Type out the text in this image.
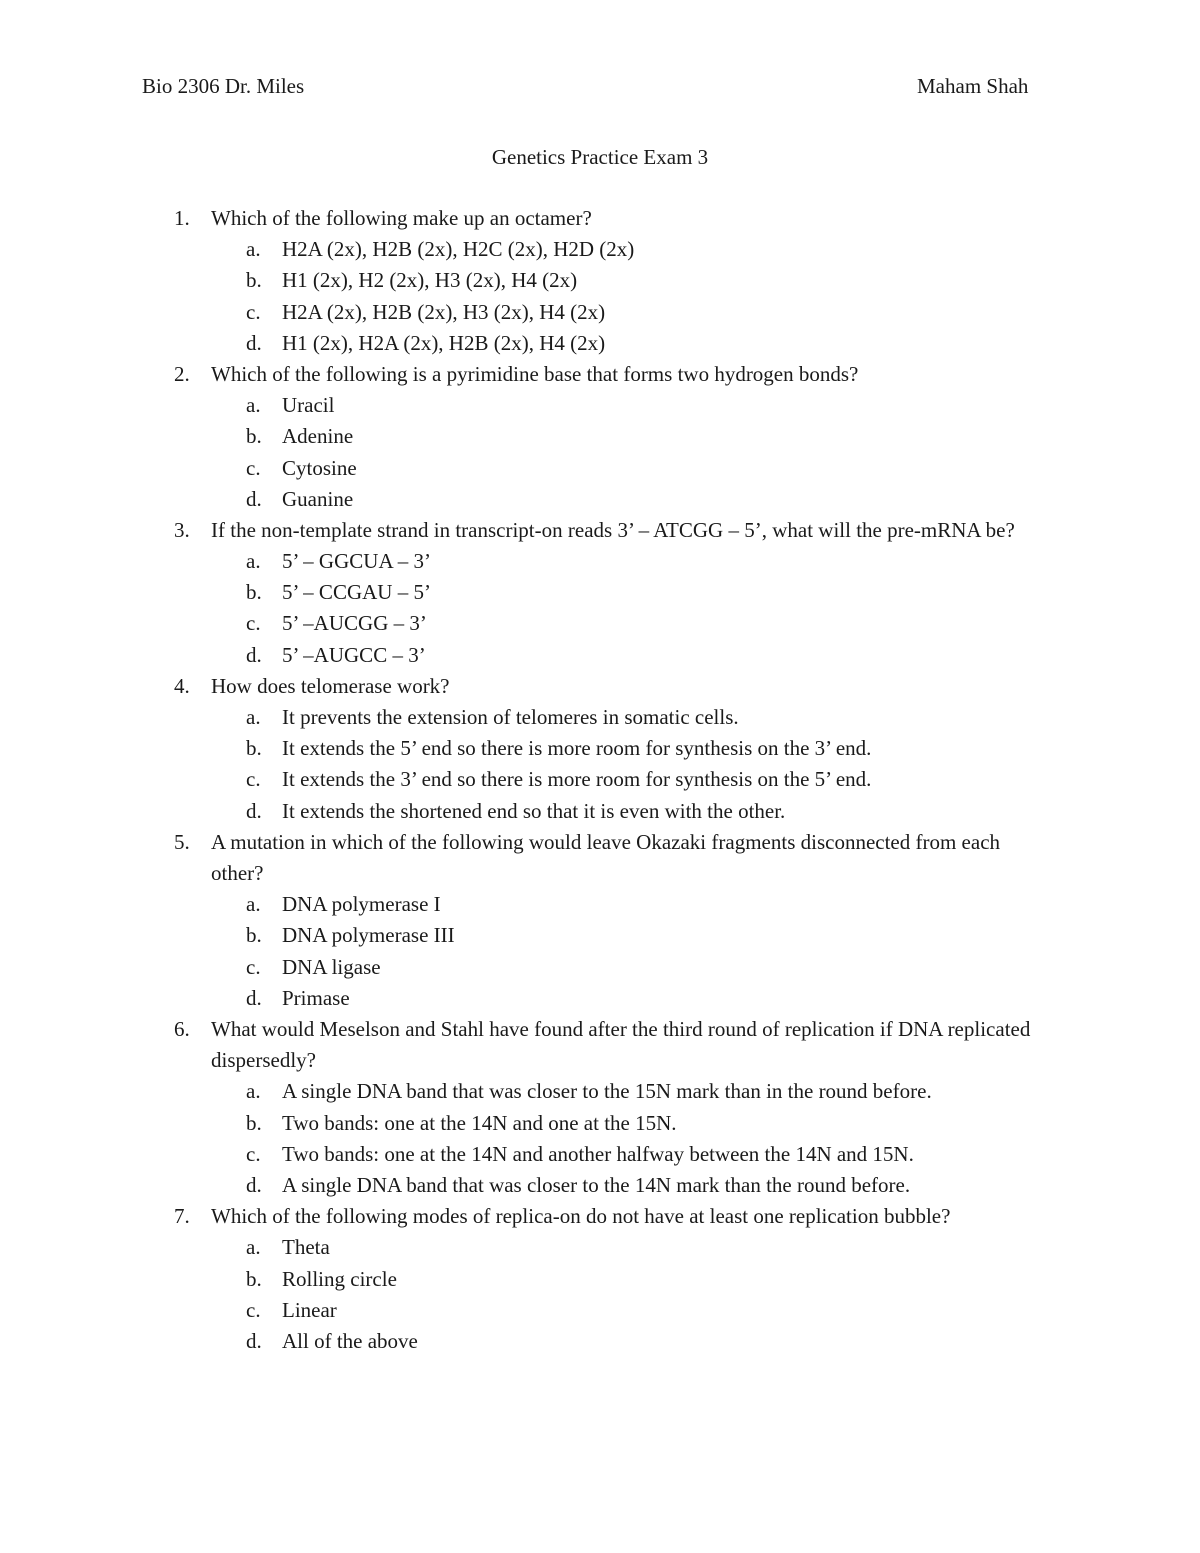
Bio 2306 Dr. Miles	Maham Shah
Genetics Practice Exam 3
1.	Which of the following make up an octamer?
a.	H2A (2x), H2B (2x), H2C (2x), H2D (2x)
b. H1 (2x), H2 (2x), H3 (2x), H4 (2x)
c.	H2A (2x), H2B (2x), H3 (2x), H4 (2x)
d. H1 (2x), H2A (2x), H2B (2x), H4 (2x)
2.	Which of the following is a pyrimidine base that forms two hydrogen bonds?
a.	Uracil
b. Adenine
c.	Cytosine
d. Guanine
3.	If the non-template strand in transcript-on reads 3’ – ATCGG – 5’, what will the pre-mRNA be?
a.	5’ – GGCUA – 3’
b. 5’ – CCGAU – 5’
c.	5’ –AUCGG – 3’
d. 5’ –AUGCC – 3’
4.	How does telomerase work?
a.	It prevents the extension of telomeres in somatic cells.
b. It extends the 5’ end so there is more room for synthesis on the 3’ end.
c.	It extends the 3’ end so there is more room for synthesis on the 5’ end.
d. It extends the shortened end so that it is even with the other.
5.	A mutation in which of the following would leave Okazaki fragments disconnected from each other?
a.	DNA polymerase I
b. DNA polymerase III
c.	DNA ligase
d. Primase
6.	What would Meselson and Stahl have found after the third round of replication if DNA replicated dispersedly?
a.	A single DNA band that was closer to the 15N mark than in the round before.
b. Two bands: one at the 14N and one at the 15N.
c.	Two bands: one at the 14N and another halfway between the 14N and 15N.
d. A single DNA band that was closer to the 14N mark than the round before.
7.	Which of the following modes of replica-on do not have at least one replication bubble?
a.	Theta
b. Rolling circle
c.	Linear
d. All of the above
